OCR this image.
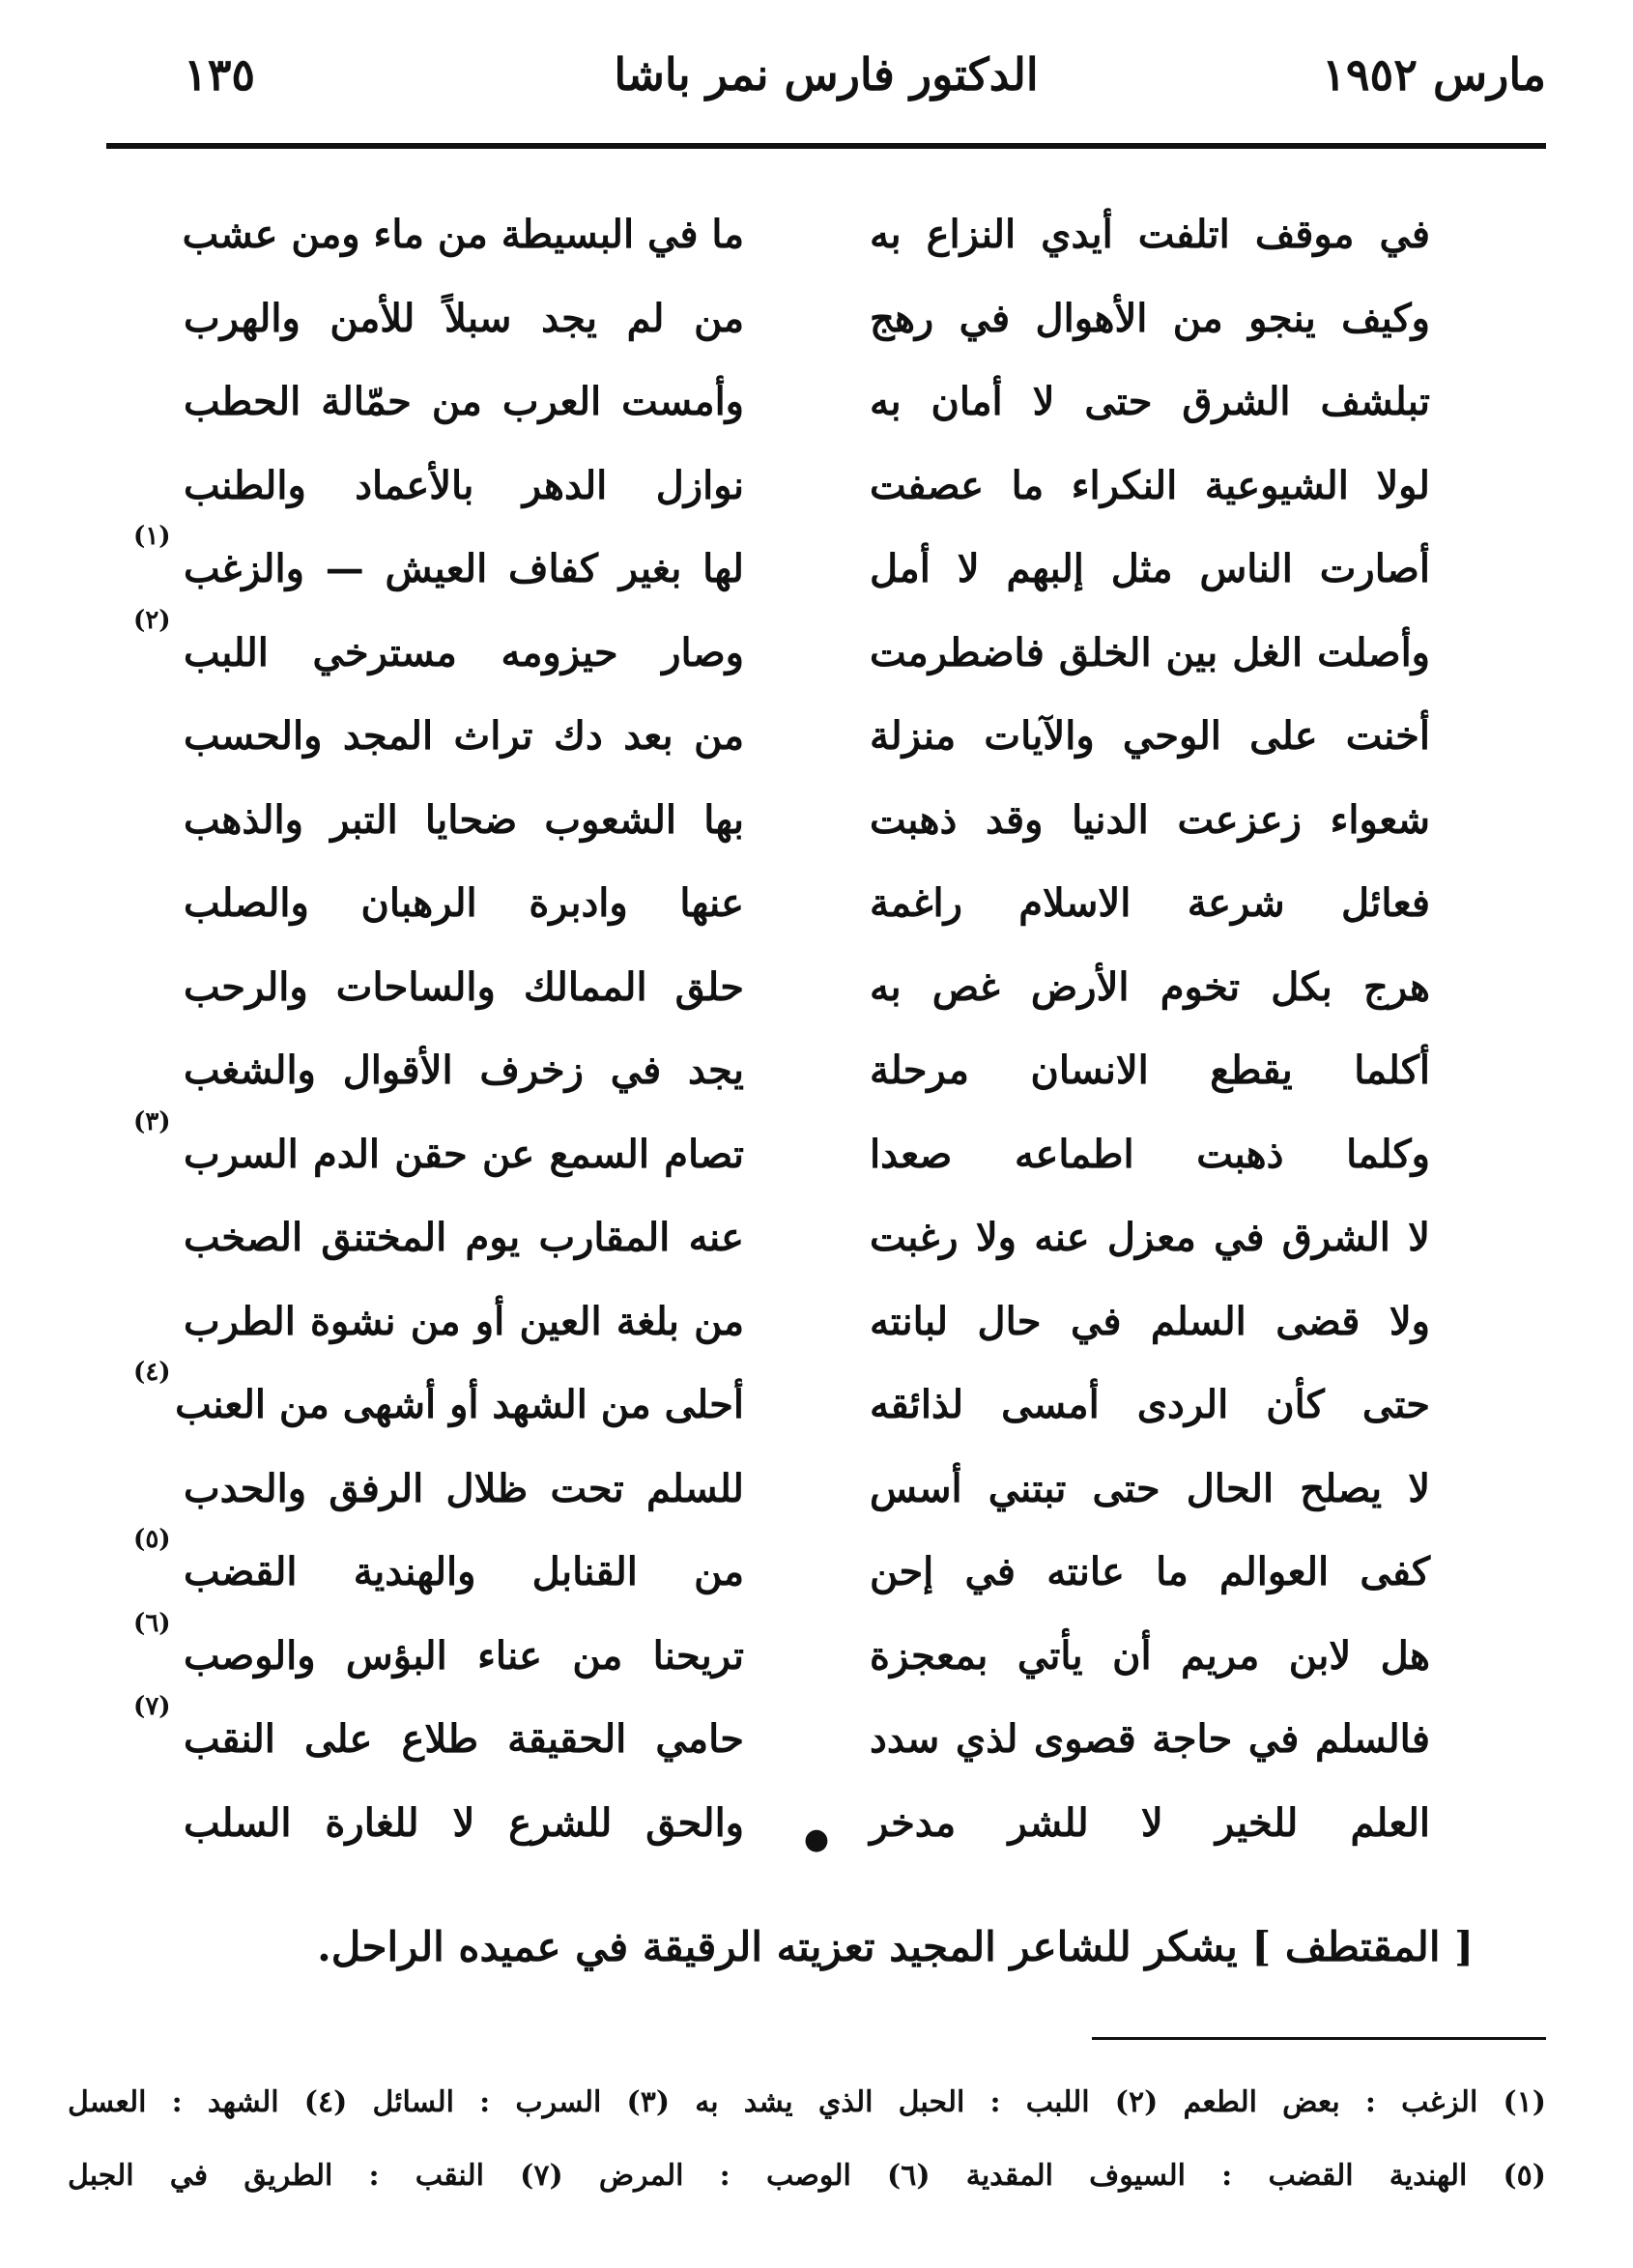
مارس ١٩٥٢
الدكتور فارس نمر باشا
١٣٥
في موقف اتلفت أيدي النزاع به
ما في البسيطة من ماء ومن عشب
وكيف ينجو من الأهوال في رهج
من لم يجد سبلاً للأمن والهرب
تبلشف الشرق حتى لا أمان به
وأمست العرب من حمّالة الحطب
لولا الشيوعية النكراء ما عصفت
نوازل الدهر بالأعماد والطنب
أصارت الناس مثل إلبهم لا أمل
لها بغير كفاف العيش — والزغب
(١)
وأصلت الغل بين الخلق فاضطرمت
وصار حيزومه مسترخي اللبب
(٢)
أخنت على الوحي والآيات منزلة
من بعد دك تراث المجد والحسب
شعواء زعزعت الدنيا وقد ذهبت
بها الشعوب ضحايا التبر والذهب
فعائل شرعة الاسلام راغمة
عنها وادبرة الرهبان والصلب
هرج بكل تخوم الأرض غص به
حلق الممالك والساحات والرحب
أكلما يقطع الانسان مرحلة
يجد في زخرف الأقوال والشغب
وكلما ذهبت اطماعه صعدا
تصام السمع عن حقن الدم السرب
(٣)
لا الشرق في معزل عنه ولا رغبت
عنه المقارب يوم المختنق الصخب
ولا قضى السلم في حال لبانته
من بلغة العين أو من نشوة الطرب
حتى كأن الردى أمسى لذائقه
أحلى من الشهد أو أشهى من العنب
(٤)
لا يصلح الحال حتى تبتني أسس
للسلم تحت ظلال الرفق والحدب
كفى العوالم ما عانته في إحن
من القنابل والهندية القضب
(٥)
هل لابن مريم أن يأتي بمعجزة
تريحنا من عناء البؤس والوصب
(٦)
فالسلم في حاجة قصوى لذي سدد
حامي الحقيقة طلاع على النقب
(٧)
العلم للخير لا للشر مدخر
والحق للشرع لا للغارة السلب ●
[ المقتطف ] يشكر للشاعر المجيد تعزيته الرقيقة في عميده الراحل.
(١) الزغب : بعض الطعم (٢) اللبب : الحبل الذي يشد به (٣) السرب : السائل (٤) الشهد : العسل
(٥) الهندية القضب : السيوف المقدية (٦) الوصب : المرض (٧) النقب : الطريق في الجبل
